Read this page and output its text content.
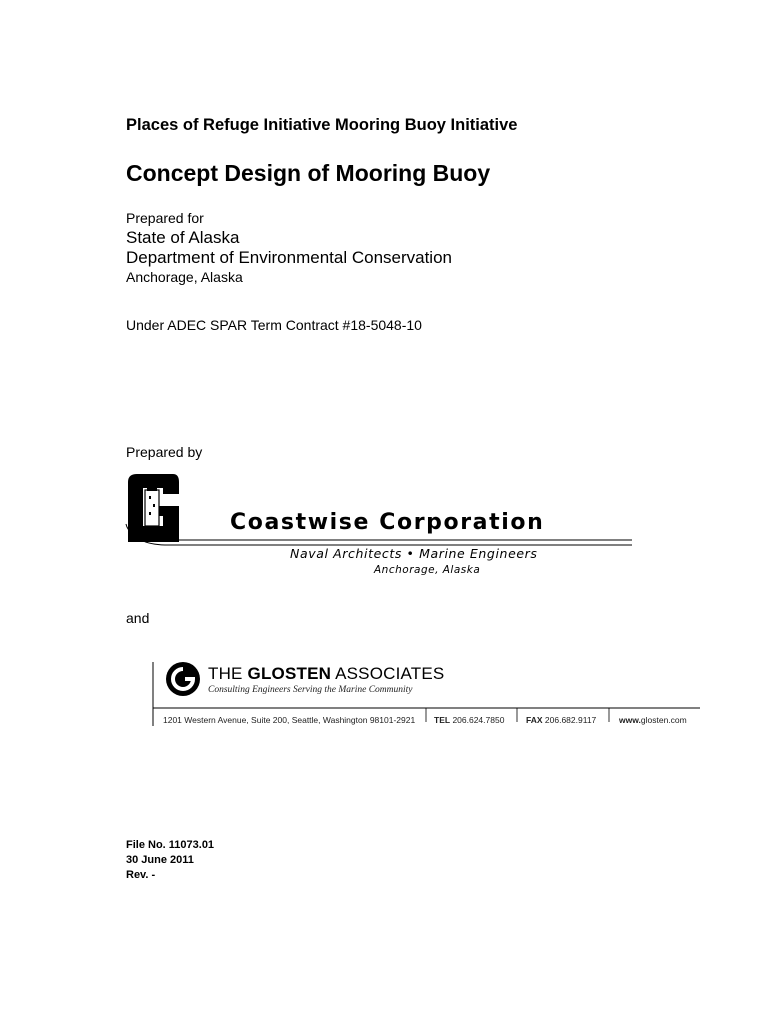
Places of Refuge Initiative Mooring Buoy Initiative
Concept Design of Mooring Buoy
Prepared for
State of Alaska
Department of Environmental Conservation
Anchorage, Alaska
Under ADEC SPAR Term Contract #18-5048-10
Prepared by
Coastwise Corporation
Naval Architects • Marine Engineers
Anchorage, Alaska
and
THE GLOSTEN ASSOCIATES
Consulting Engineers Serving the Marine Community
1201 Western Avenue, Suite 200, Seattle, Washington 98101-2921 TEL 206.624.7850	FAX 206.682.9117	www.glosten.com
File No. 11073.01
30 June 2011
Rev. -
